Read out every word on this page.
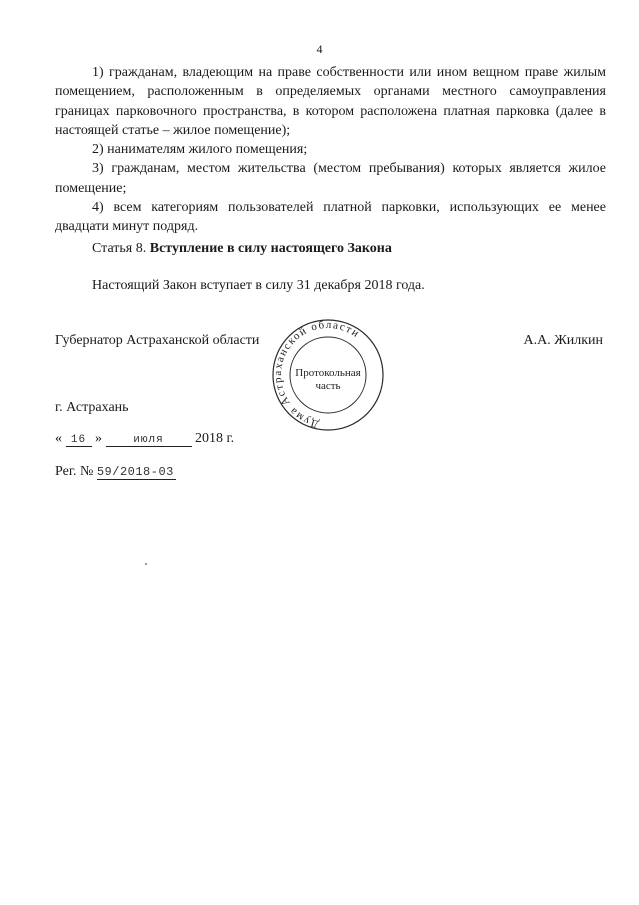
4

1) гражданам, владеющим на праве собственности или ином вещном праве жилым помещением, расположенным в определяемых органами местного самоуправления границах парковочного пространства, в котором расположена платная парковка (далее в настоящей статье – жилое помещение);

2) нанимателям жилого помещения;

3) гражданам, местом жительства (местом пребывания) которых является жилое помещение;

4) всем категориям пользователей платной парковки, использующих ее менее двадцати минут подряд.

Статья 8. Вступление в силу настоящего Закона
Настоящий Закон вступает в силу 31 декабря 2018 года.
Губернатор Астраханской области	А.А. Жилкин
Дума Астраханской области
Протокольная
часть
г. Астрахань
« 16 »	июля 2018 г.
Рег. № 59/2018-03
